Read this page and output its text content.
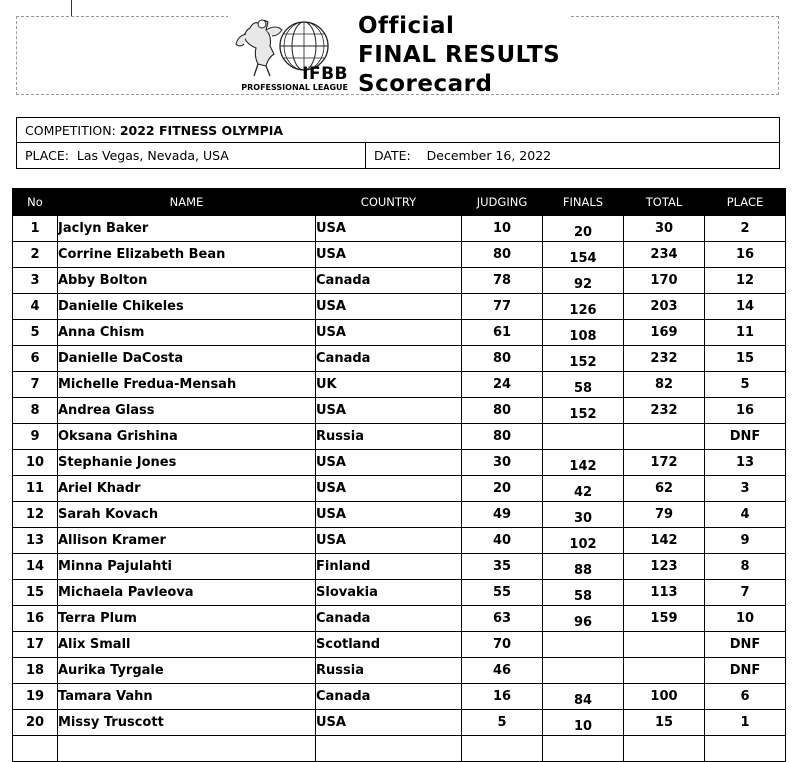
IFBB
PROFESSIONAL LEAGUE
Official
FINAL RESULTS
Scorecard
COMPETITION: 2022 FITNESS OLYMPIA
PLACE: Las Vegas, Nevada, USA	DATE: December 16, 2022
No	NAME	COUNTRY	JUDGING	FINALS	TOTAL	PLACE
1	Jaclyn Baker	USA	10	20	30	2
2	Corrine Elizabeth Bean	USA	80	154	234	16
3	Abby Bolton	Canada	78	92	170	12
4	Danielle Chikeles	USA	77	126	203	14
5	Anna Chism	USA	61	108	169	11
6	Danielle DaCosta	Canada	80	152	232	15
7	Michelle Fredua-Mensah	UK	24	58	82	5
8	Andrea Glass	USA	80	152	232	16
9	Oksana Grishina	Russia	80			DNF
10	Stephanie Jones	USA	30	142	172	13
11	Ariel Khadr	USA	20	42	62	3
12	Sarah Kovach	USA	49	30	79	4
13	Allison Kramer	USA	40	102	142	9
14	Minna Pajulahti	Finland	35	88	123	8
15	Michaela Pavleova	Slovakia	55	58	113	7
16	Terra Plum	Canada	63	96	159	10
17	Alix Small	Scotland	70			DNF
18	Aurika Tyrgale	Russia	46			DNF
19	Tamara Vahn	Canada	16	84	100	6
20	Missy Truscott	USA	5	10	15	1
